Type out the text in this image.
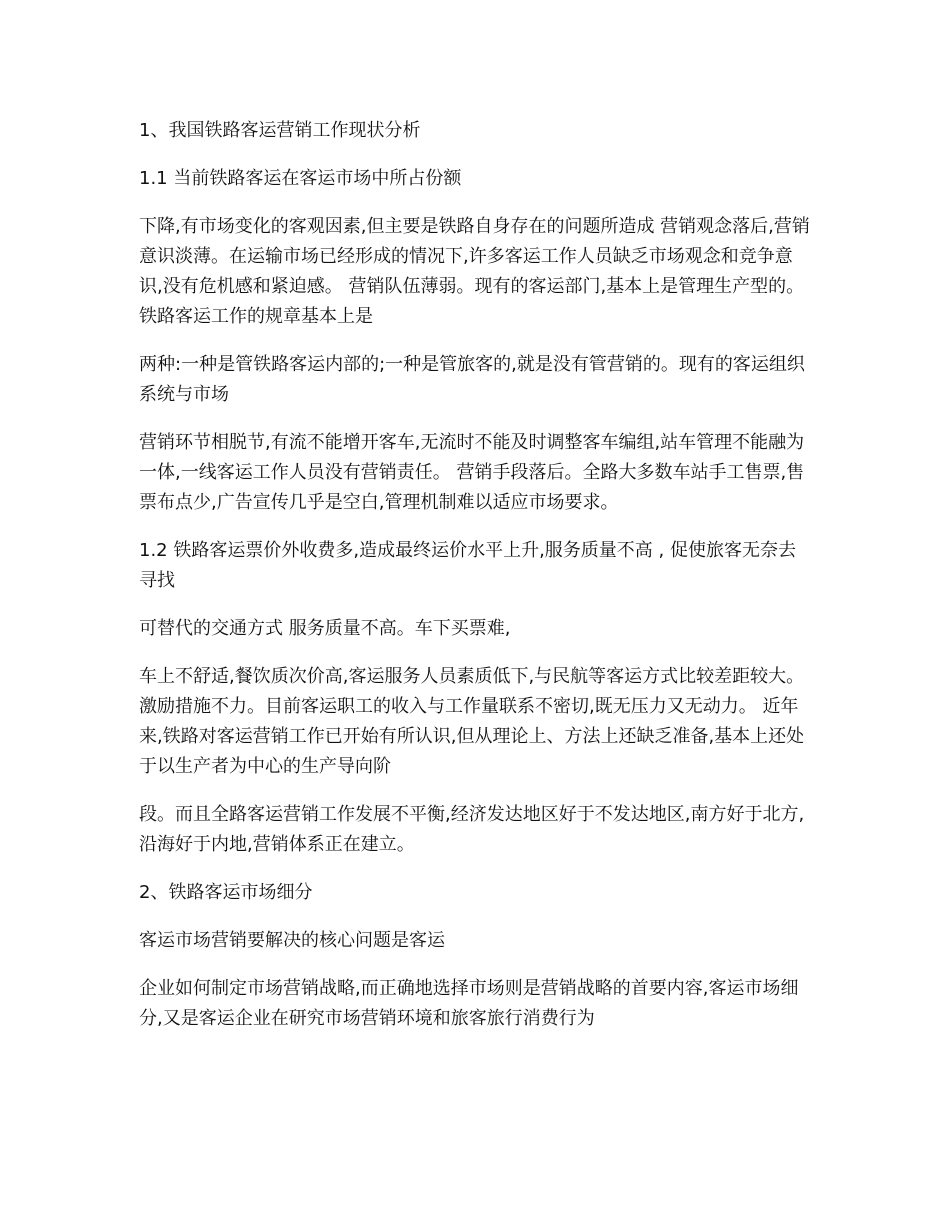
1、我国铁路客运营销工作现状分析

1.1 当前铁路客运在客运市场中所占份额

下降,有市场变化的客观因素,但主要是铁路自身存在的问题所造成 营销观念落后,营销意识淡薄。在运输市场已经形成的情况下,许多客运工作人员缺乏市场观念和竞争意识,没有危机感和紧迫感。 营销队伍薄弱。现有的客运部门,基本上是管理生产型的。铁路客运工作的规章基本上是

两种:一种是管铁路客运内部的;一种是管旅客的,就是没有管营销的。现有的客运组织系统与市场

营销环节相脱节,有流不能增开客车,无流时不能及时调整客车编组,站车管理不能融为一体,一线客运工作人员没有营销责任。 营销手段落后。全路大多数车站手工售票,售票布点少,广告宣传几乎是空白,管理机制难以适应市场要求。

1.2 铁路客运票价外收费多,造成最终运价水平上升,服务质量不高 , 促使旅客无奈去寻找

可替代的交通方式 服务质量不高。车下买票难,

车上不舒适,餐饮质次价高,客运服务人员素质低下,与民航等客运方式比较差距较大。 激励措施不力。目前客运职工的收入与工作量联系不密切,既无压力又无动力。 近年来,铁路对客运营销工作已开始有所认识,但从理论上、方法上还缺乏准备,基本上还处于以生产者为中心的生产导向阶

段。而且全路客运营销工作发展不平衡,经济发达地区好于不发达地区,南方好于北方,沿海好于内地,营销体系正在建立。

2、铁路客运市场细分

客运市场营销要解决的核心问题是客运

企业如何制定市场营销战略,而正确地选择市场则是营销战略的首要内容,客运市场细分,又是客运企业在研究市场营销环境和旅客旅行消费行为
